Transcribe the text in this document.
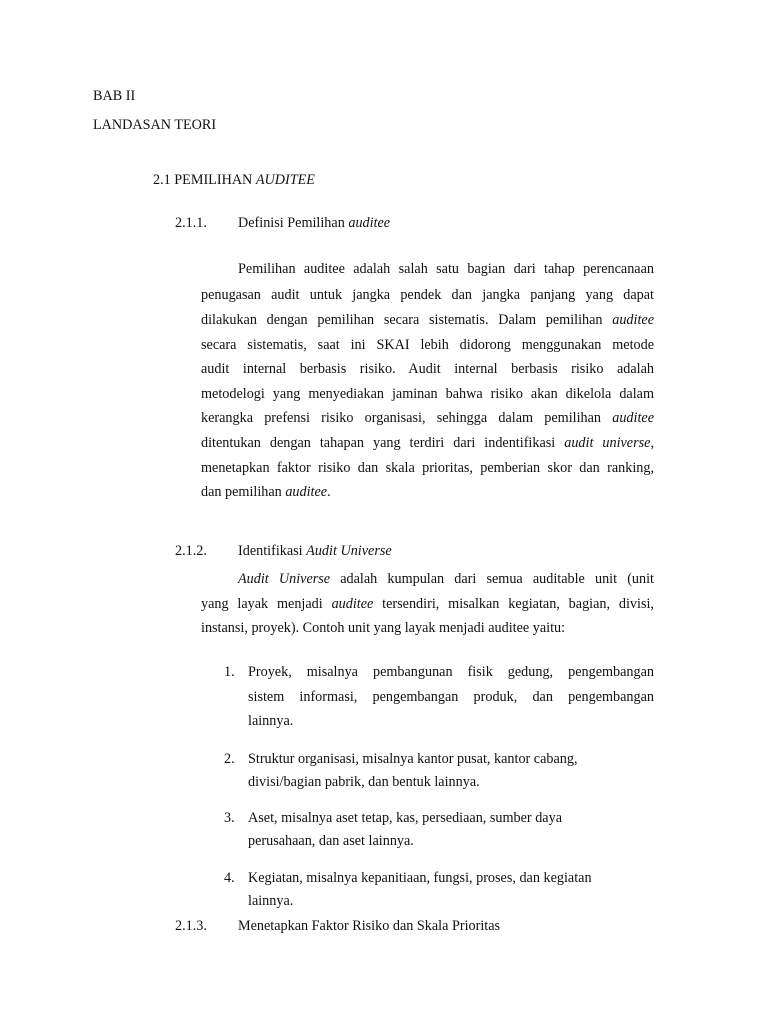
BAB II
LANDASAN TEORI
2.1 PEMILIHAN AUDITEE
2.1.1. Definisi Pemilihan auditee
Pemilihan auditee adalah salah satu bagian dari tahap perencanaan
penugasan audit untuk jangka pendek dan jangka panjang yang dapat
dilakukan dengan pemilihan secara sistematis. Dalam pemilihan auditee
secara sistematis, saat ini SKAI lebih didorong menggunakan metode
audit internal berbasis risiko. Audit internal berbasis risiko adalah
metodelogi yang menyediakan jaminan bahwa risiko akan dikelola dalam
kerangka prefensi risiko organisasi, sehingga dalam pemilihan auditee
ditentukan dengan tahapan yang terdiri dari indentifikasi audit universe,
menetapkan faktor risiko dan skala prioritas, pemberian skor dan ranking,
dan pemilihan auditee.
2.1.2. Identifikasi Audit Universe
Audit Universe adalah kumpulan dari semua auditable unit (unit
yang layak menjadi auditee tersendiri, misalkan kegiatan, bagian, divisi,
instansi, proyek). Contoh unit yang layak menjadi auditee yaitu:
1. Proyek, misalnya pembangunan fisik gedung, pengembangan
sistem informasi, pengembangan produk, dan pengembangan
lainnya.
2. Struktur organisasi, misalnya kantor pusat, kantor cabang,
divisi/bagian pabrik, dan bentuk lainnya.
3. Aset, misalnya aset tetap, kas, persediaan, sumber daya
perusahaan, dan aset lainnya.
4. Kegiatan, misalnya kepanitiaan, fungsi, proses, dan kegiatan
lainnya.
2.1.3. Menetapkan Faktor Risiko dan Skala Prioritas
